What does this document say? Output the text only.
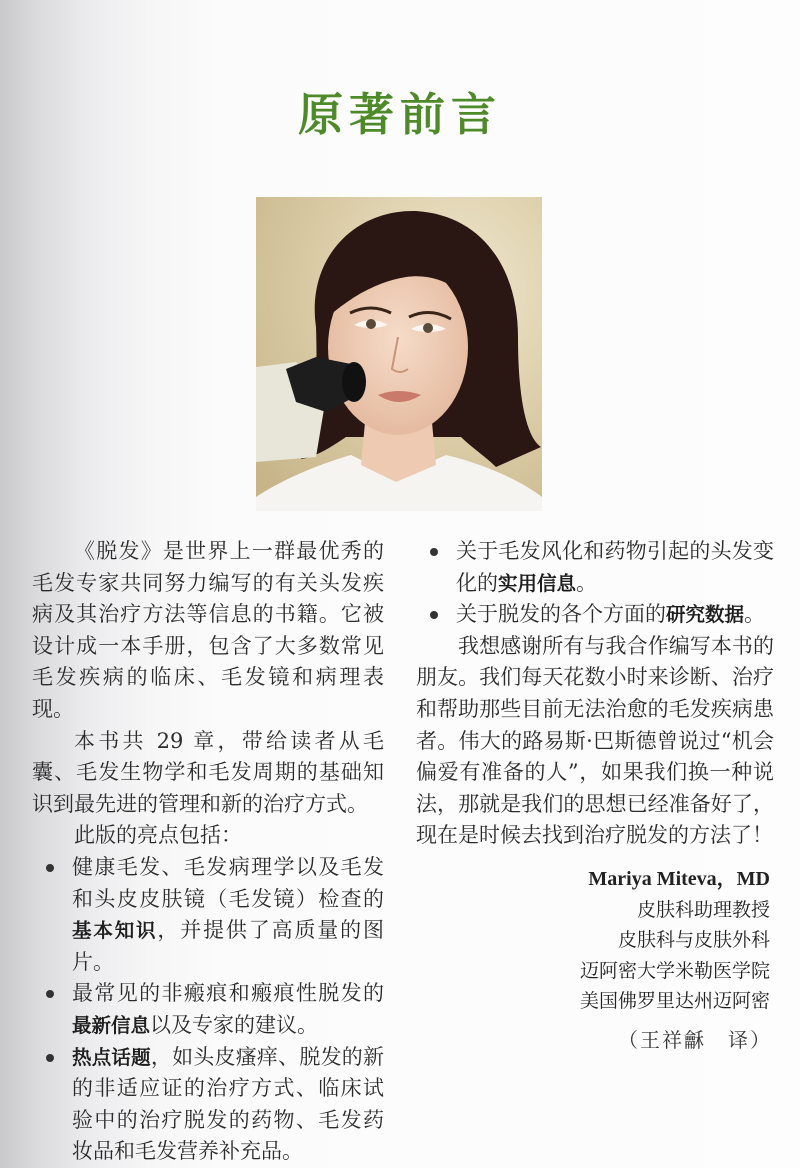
原著前言

《脱发》是世界上一群最优秀的毛发专家共同努力编写的有关头发疾病及其治疗方法等信息的书籍。它被设计成一本手册，包含了大多数常见毛发疾病的临床、毛发镜和病理表现。

本书共 29 章，带给读者从毛囊、毛发生物学和毛发周期的基础知识到最先进的管理和新的治疗方式。

此版的亮点包括：

健康毛发、毛发病理学以及毛发和头皮皮肤镜（毛发镜）检查的基本知识，并提供了高质量的图片。

最常见的非瘢痕和瘢痕性脱发的最新信息以及专家的建议。

热点话题，如头皮瘙痒、脱发的新的非适应证的治疗方式、临床试验中的治疗脱发的药物、毛发药妆品和毛发营养补充品。

关于毛发风化和药物引起的头发变化的实用信息。

关于脱发的各个方面的研究数据。

我想感谢所有与我合作编写本书的朋友。我们每天花数小时来诊断、治疗和帮助那些目前无法治愈的毛发疾病患者。伟大的路易斯·巴斯德曾说过“机会偏爱有准备的人”，如果我们换一种说法，那就是我们的思想已经准备好了，现在是时候去找到治疗脱发的方法了！

Mariya Miteva，MD
皮肤科助理教授
皮肤科与皮肤外科
迈阿密大学米勒医学院
美国佛罗里达州迈阿密
（王祥龢　译）
